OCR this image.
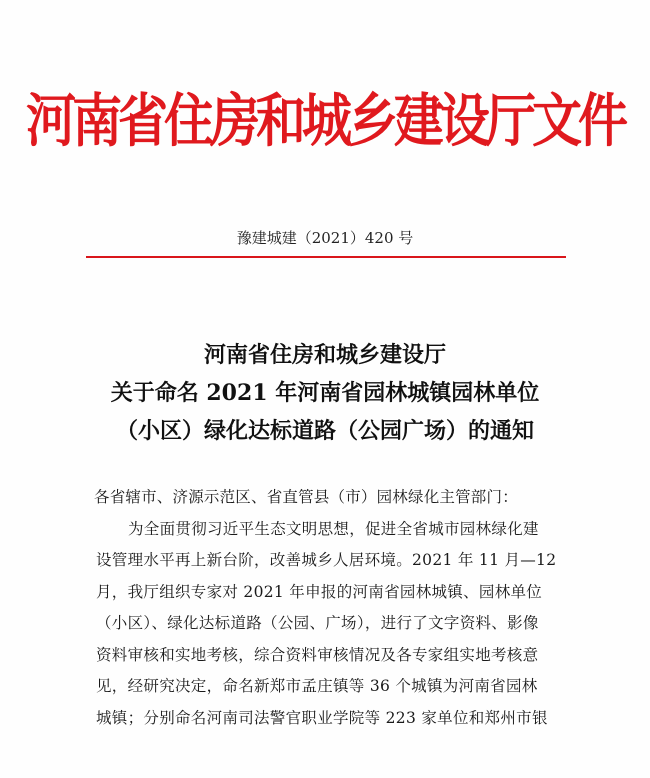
河南省住房和城乡建设厅文件
豫建城建（2021）420 号
河南省住房和城乡建设厅
关于命名 2021 年河南省园林城镇园林单位
（小区）绿化达标道路（公园广场）的通知
各省辖市、济源示范区、省直管县（市）园林绿化主管部门：
为全面贯彻习近平生态文明思想，促进全省城市园林绿化建
设管理水平再上新台阶，改善城乡人居环境。2021 年 11 月—12
月，我厅组织专家对 2021 年申报的河南省园林城镇、园林单位
（小区）、绿化达标道路（公园、广场），进行了文字资料、影像
资料审核和实地考核，综合资料审核情况及各专家组实地考核意
见，经研究决定，命名新郑市孟庄镇等 36 个城镇为河南省园林
城镇；分别命名河南司法警官职业学院等 223 家单位和郑州市银
